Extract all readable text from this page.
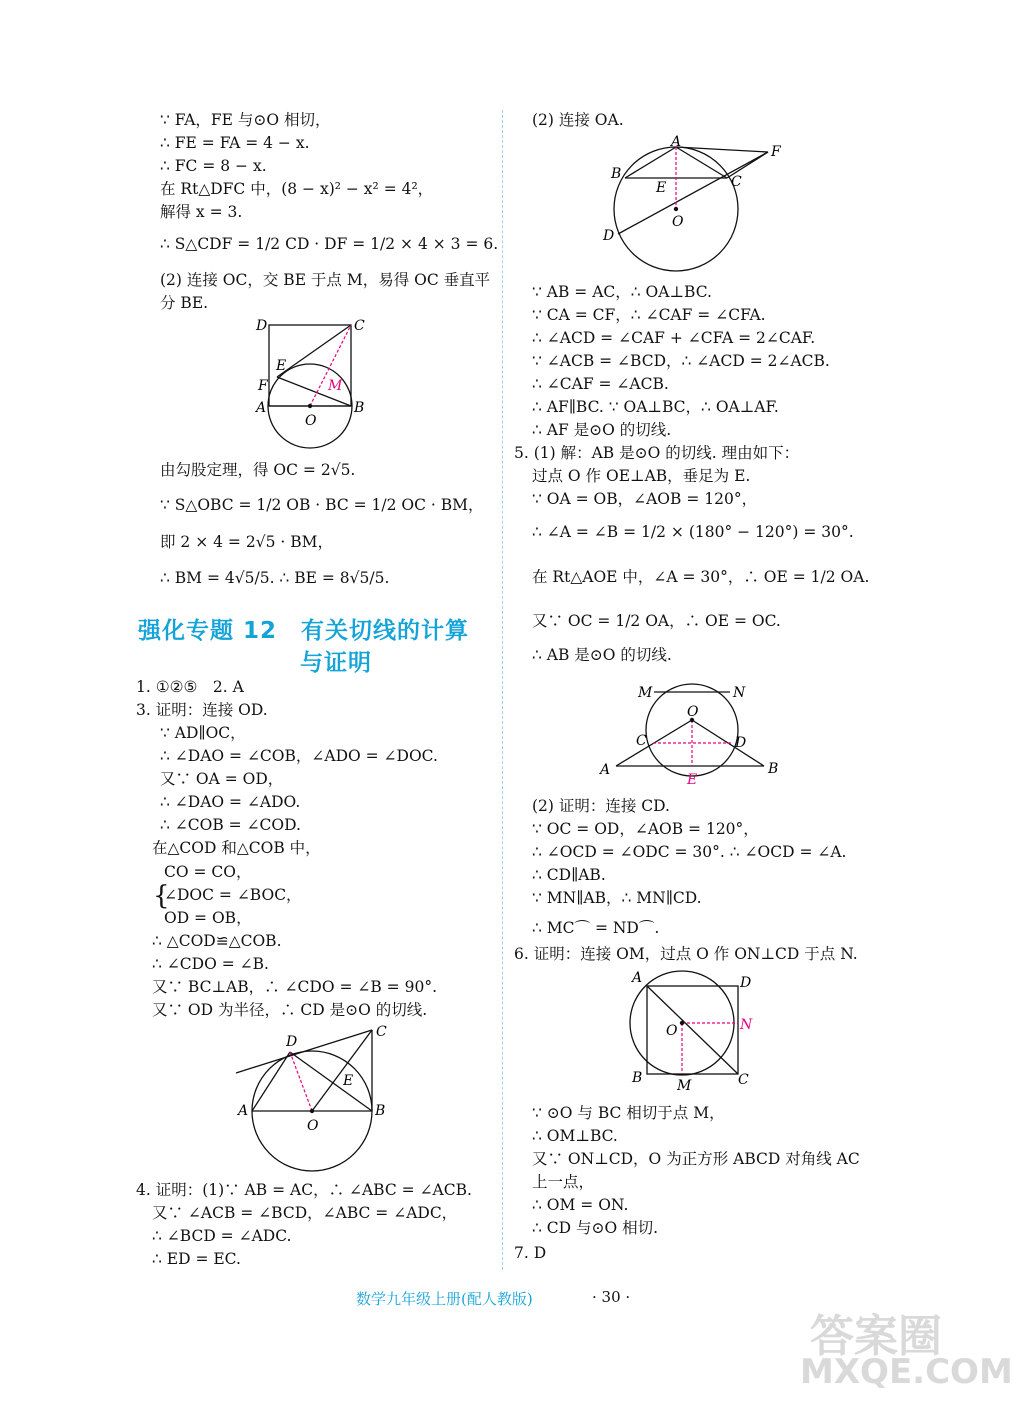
∵ FA，FE 与⊙O 相切，
∴ FE = FA = 4 − x.
∴ FC = 8 − x.
在 Rt△DFC 中，(8 − x)² − x² = 4²，
解得 x = 3.
∴ S△CDF = 1/2 CD · DF = 1/2 × 4 × 3 = 6.
(2) 连接 OC，交 BE 于点 M，易得 OC 垂直平
分 BE.
由勾股定理，得 OC = 2√5.
∵ S△OBC = 1/2 OB · BC = 1/2 OC · BM，
即 2 × 4 = 2√5 · BM，
∴ BM = 4√5/5. ∴ BE = 8√5/5.
强化专题 12　有关切线的计算
与证明
1. ①②⑤　2. A
3. 证明：连接 OD.
∵ AD∥OC，
∴ ∠DAO = ∠COB，∠ADO = ∠DOC.
又∵ OA = OD，
∴ ∠DAO = ∠ADO.
∴ ∠COB = ∠COD.
在△COD 和△COB 中，
{
CO = CO，
∠DOC = ∠BOC，
OD = OB，
∴ △COD≌△COB.
∴ ∠CDO = ∠B.
又∵ BC⊥AB，∴ ∠CDO = ∠B = 90°.
又∵ OD 为半径，∴ CD 是⊙O 的切线.
4. 证明：(1)∵ AB = AC，∴ ∠ABC = ∠ACB.
又∵ ∠ACB = ∠BCD，∠ABC = ∠ADC，
∴ ∠BCD = ∠ADC.
∴ ED = EC.
D	C
E
M
F
A	B
O
D
C
A	B
O
E
(2) 连接 OA.
∵ AB = AC，∴ OA⊥BC.
∵ CA = CF，∴ ∠CAF = ∠CFA.
∴ ∠ACD = ∠CAF + ∠CFA = 2∠CAF.
∵ ∠ACB = ∠BCD，∴ ∠ACD = 2∠ACB.
∴ ∠CAF = ∠ACB.
∴ AF∥BC. ∵ OA⊥BC，∴ OA⊥AF.
∴ AF 是⊙O 的切线.
5. (1) 解：AB 是⊙O 的切线. 理由如下：
过点 O 作 OE⊥AB，垂足为 E.
∵ OA = OB，∠AOB = 120°，
∴ ∠A = ∠B = 1/2 × (180° − 120°) = 30°.
在 Rt△AOE 中，∠A = 30°，∴ OE = 1/2 OA.
又∵ OC = 1/2 OA，∴ OE = OC.
∴ AB 是⊙O 的切线.
(2) 证明：连接 CD.
∵ OC = OD，∠AOB = 120°，
∴ ∠OCD = ∠ODC = 30°. ∴ ∠OCD = ∠A.
∴ CD∥AB.
∵ MN∥AB，∴ MN∥CD.
∴ MC⌒ = ND⌒.
6. 证明：连接 OM，过点 O 作 ON⊥CD 于点 N.
∵ ⊙O 与 BC 相切于点 M，
∴ OM⊥BC.
又∵ ON⊥CD，O 为正方形 ABCD 对角线 AC
上一点，
∴ OM = ON.
∴ CD 与⊙O 相切.
7. D
A
F
B	C
E
O
D
M	N
O
C	D
A
E
B
A	D
O	N
B M	C
数学九年级上册(配人教版)	· 30 ·
答案圈
MXQE.COM
